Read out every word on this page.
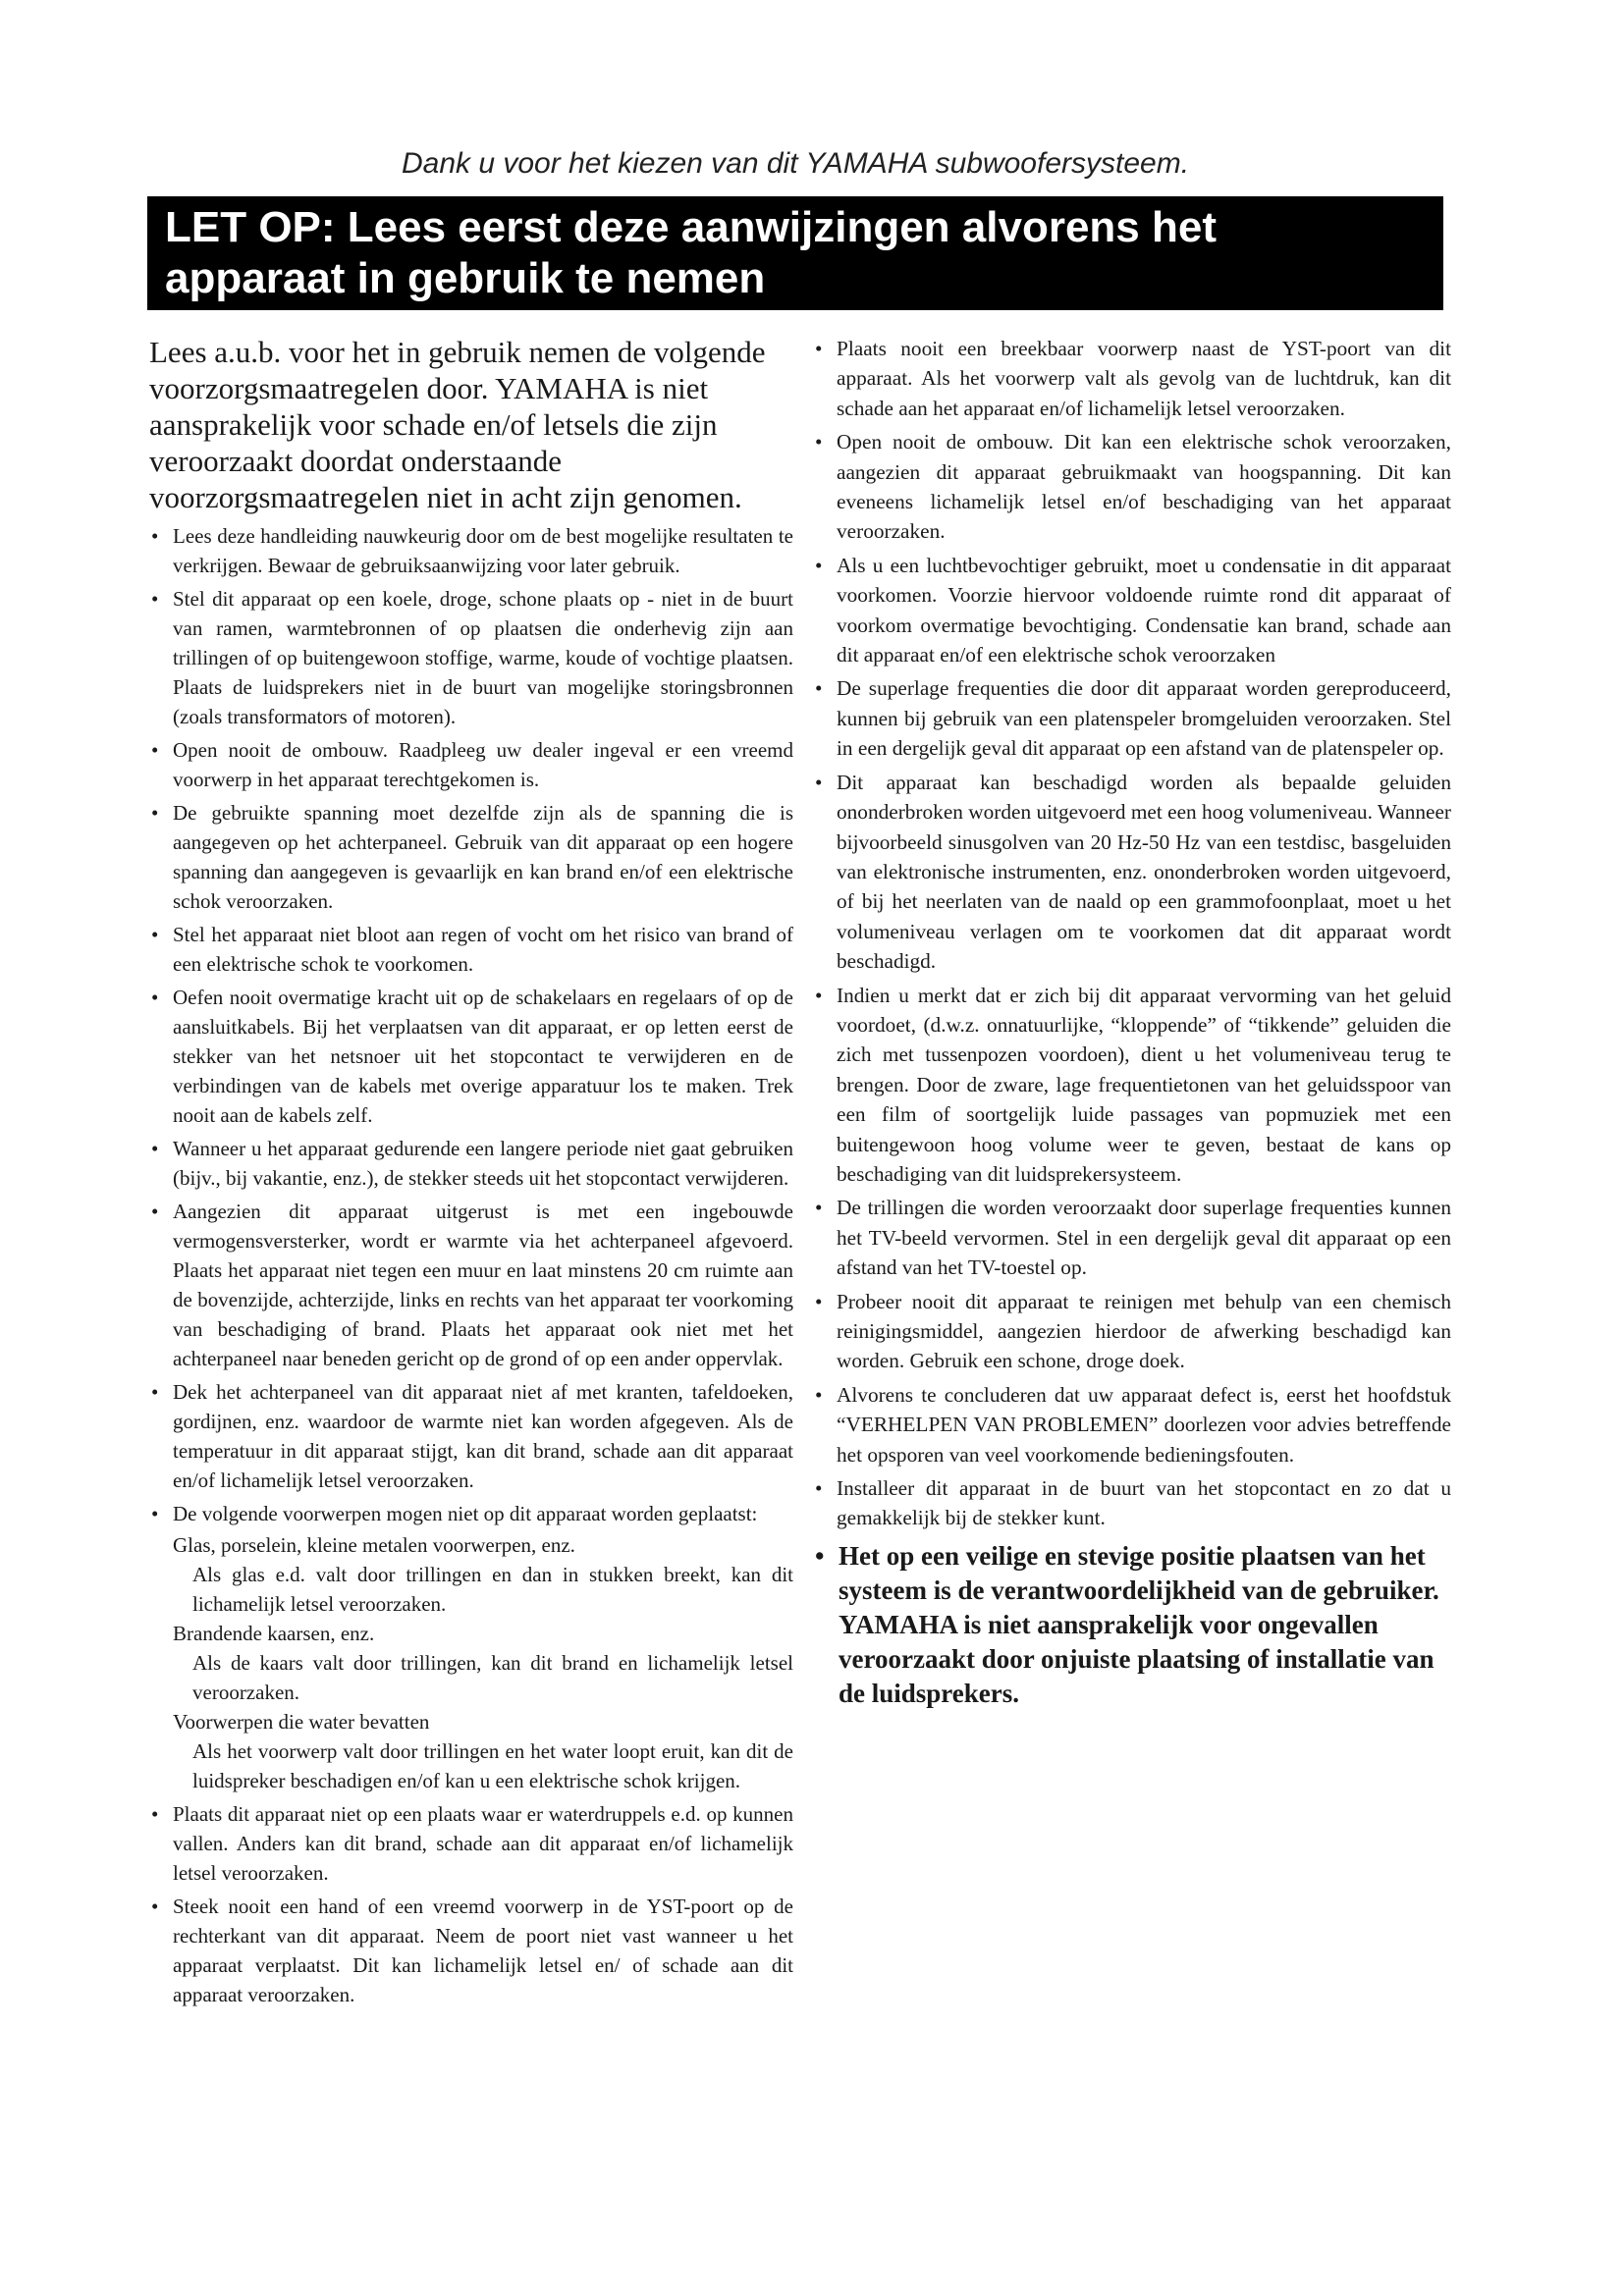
Dank u voor het kiezen van dit YAMAHA subwoofersysteem.
LET OP: Lees eerst deze aanwijzingen alvorens het
apparaat in gebruik te nemen

Lees a.u.b. voor het in gebruik nemen de volgende voorzorgsmaatregelen door. YAMAHA is niet aansprakelijk voor schade en/of letsels die zijn veroorzaakt doordat onderstaande voorzorgsmaatregelen niet in acht zijn genomen.

• Lees deze handleiding nauwkeurig door om de best mogelijke resultaten te verkrijgen. Bewaar de gebruiksaanwijzing voor later gebruik.
• Stel dit apparaat op een koele, droge, schone plaats op - niet in de buurt van ramen, warmtebronnen of op plaatsen die onderhevig zijn aan trillingen of op buitengewoon stoffige, warme, koude of vochtige plaatsen. Plaats de luidsprekers niet in de buurt van mogelijke storingsbronnen (zoals transformators of motoren).
• Open nooit de ombouw. Raadpleeg uw dealer ingeval er een vreemd voorwerp in het apparaat terechtgekomen is.
• De gebruikte spanning moet dezelfde zijn als de spanning die is aangegeven op het achterpaneel. Gebruik van dit apparaat op een hogere spanning dan aangegeven is gevaarlijk en kan brand en/of een elektrische schok veroorzaken.
• Stel het apparaat niet bloot aan regen of vocht om het risico van brand of een elektrische schok te voorkomen.
• Oefen nooit overmatige kracht uit op de schakelaars en regelaars of op de aansluitkabels. Bij het verplaatsen van dit apparaat, er op letten eerst de stekker van het netsnoer uit het stopcontact te verwijderen en de verbindingen van de kabels met overige apparatuur los te maken. Trek nooit aan de kabels zelf.
• Wanneer u het apparaat gedurende een langere periode niet gaat gebruiken (bijv., bij vakantie, enz.), de stekker steeds uit het stopcontact verwijderen.
• Aangezien dit apparaat uitgerust is met een ingebouwde vermogensversterker, wordt er warmte via het achterpaneel afgevoerd. Plaats het apparaat niet tegen een muur en laat minstens 20 cm ruimte aan de bovenzijde, achterzijde, links en rechts van het apparaat ter voorkoming van beschadiging of brand. Plaats het apparaat ook niet met het achterpaneel naar beneden gericht op de grond of op een ander oppervlak.
• Dek het achterpaneel van dit apparaat niet af met kranten, tafeldoeken, gordijnen, enz. waardoor de warmte niet kan worden afgegeven. Als de temperatuur in dit apparaat stijgt, kan dit brand, schade aan dit apparaat en/of lichamelijk letsel veroorzaken.
• De volgende voorwerpen mogen niet op dit apparaat worden geplaatst:
Glas, porselein, kleine metalen voorwerpen, enz.
Als glas e.d. valt door trillingen en dan in stukken breekt, kan dit lichamelijk letsel veroorzaken.
Brandende kaarsen, enz.
Als de kaars valt door trillingen, kan dit brand en lichamelijk letsel veroorzaken.
Voorwerpen die water bevatten
Als het voorwerp valt door trillingen en het water loopt eruit, kan dit de luidspreker beschadigen en/of kan u een elektrische schok krijgen.
• Plaats dit apparaat niet op een plaats waar er waterdruppels e.d. op kunnen vallen. Anders kan dit brand, schade aan dit apparaat en/of lichamelijk letsel veroorzaken.
• Steek nooit een hand of een vreemd voorwerp in de YST-poort op de rechterkant van dit apparaat. Neem de poort niet vast wanneer u het apparaat verplaatst. Dit kan lichamelijk letsel en/ of schade aan dit apparaat veroorzaken.
• Plaats nooit een breekbaar voorwerp naast de YST-poort van dit apparaat. Als het voorwerp valt als gevolg van de luchtdruk, kan dit schade aan het apparaat en/of lichamelijk letsel veroorzaken.
• Open nooit de ombouw. Dit kan een elektrische schok veroorzaken, aangezien dit apparaat gebruikmaakt van hoogspanning. Dit kan eveneens lichamelijk letsel en/of beschadiging van het apparaat veroorzaken.
• Als u een luchtbevochtiger gebruikt, moet u condensatie in dit apparaat voorkomen. Voorzie hiervoor voldoende ruimte rond dit apparaat of voorkom overmatige bevochtiging. Condensatie kan brand, schade aan dit apparaat en/of een elektrische schok veroorzaken
• De superlage frequenties die door dit apparaat worden gereproduceerd, kunnen bij gebruik van een platenspeler bromgeluiden veroorzaken. Stel in een dergelijk geval dit apparaat op een afstand van de platenspeler op.
• Dit apparaat kan beschadigd worden als bepaalde geluiden ononderbroken worden uitgevoerd met een hoog volumeniveau. Wanneer bijvoorbeeld sinusgolven van 20 Hz-50 Hz van een testdisc, basgeluiden van elektronische instrumenten, enz. ononderbroken worden uitgevoerd, of bij het neerlaten van de naald op een grammofoonplaat, moet u het volumeniveau verlagen om te voorkomen dat dit apparaat wordt beschadigd.
• Indien u merkt dat er zich bij dit apparaat vervorming van het geluid voordoet, (d.w.z. onnatuurlijke, “kloppende” of “tikkende” geluiden die zich met tussenpozen voordoen), dient u het volumeniveau terug te brengen. Door de zware, lage frequentietonen van het geluidsspoor van een film of soortgelijk luide passages van popmuziek met een buitengewoon hoog volume weer te geven, bestaat de kans op beschadiging van dit luidsprekersysteem.
• De trillingen die worden veroorzaakt door superlage frequenties kunnen het TV-beeld vervormen. Stel in een dergelijk geval dit apparaat op een afstand van het TV-toestel op.
• Probeer nooit dit apparaat te reinigen met behulp van een chemisch reinigingsmiddel, aangezien hierdoor de afwerking beschadigd kan worden. Gebruik een schone, droge doek.
• Alvorens te concluderen dat uw apparaat defect is, eerst het hoofdstuk “VERHELPEN VAN PROBLEMEN” doorlezen voor advies betreffende het opsporen van veel voorkomende bedieningsfouten.
• Installeer dit apparaat in de buurt van het stopcontact en zo dat u gemakkelijk bij de stekker kunt.
• Het op een veilige en stevige positie plaatsen van het systeem is de verantwoordelijkheid van de gebruiker. YAMAHA is niet aansprakelijk voor ongevallen veroorzaakt door onjuiste plaatsing of installatie van de luidsprekers.
